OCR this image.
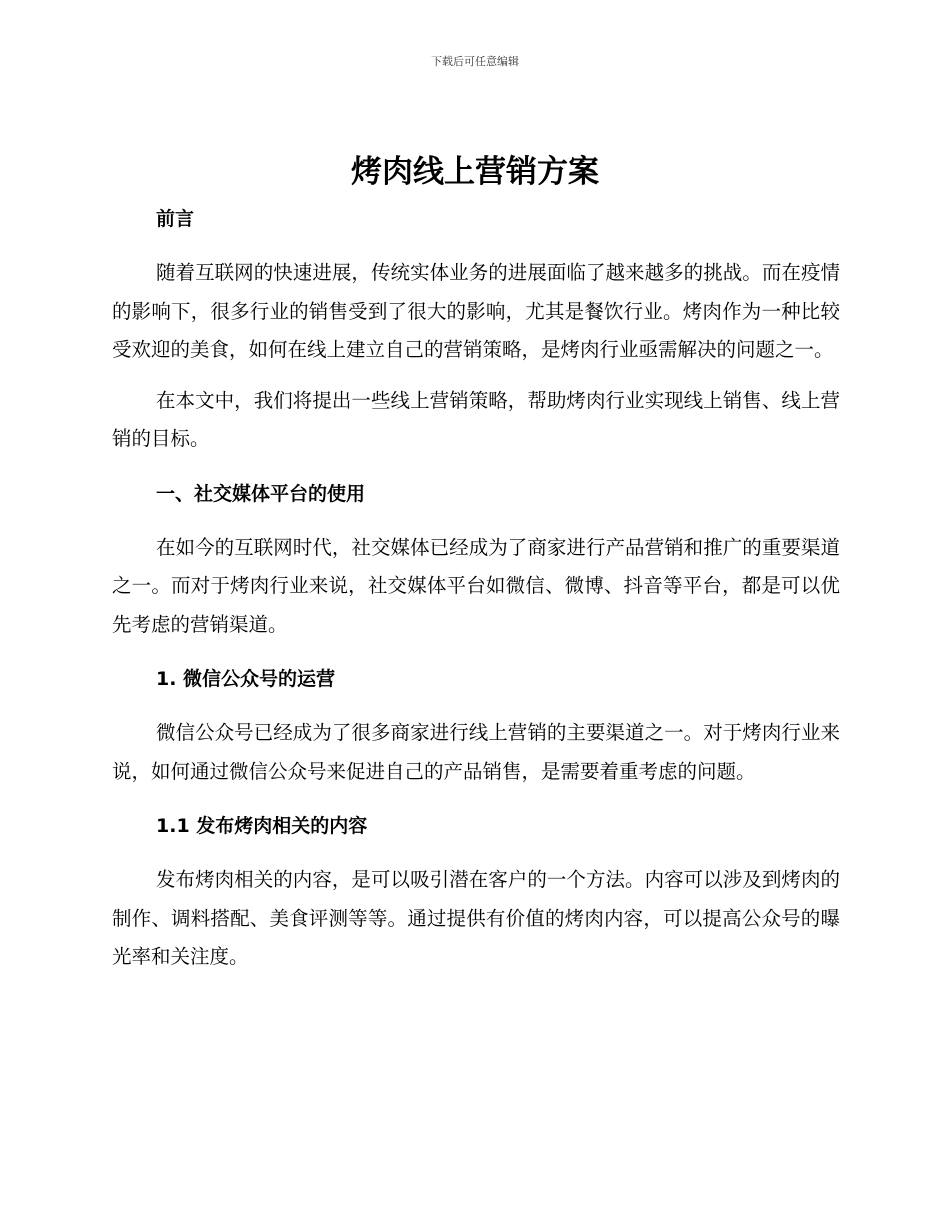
下载后可任意编辑
烤肉线上营销方案
前言

随着互联网的快速进展，传统实体业务的进展面临了越来越多的挑战。而在疫情的影响下，很多行业的销售受到了很大的影响，尤其是餐饮行业。烤肉作为一种比较受欢迎的美食，如何在线上建立自己的营销策略，是烤肉行业亟需解决的问题之一。

在本文中，我们将提出一些线上营销策略，帮助烤肉行业实现线上销售、线上营销的目标。

一、社交媒体平台的使用

在如今的互联网时代，社交媒体已经成为了商家进行产品营销和推广的重要渠道之一。而对于烤肉行业来说，社交媒体平台如微信、微博、抖音等平台，都是可以优先考虑的营销渠道。

1. 微信公众号的运营

微信公众号已经成为了很多商家进行线上营销的主要渠道之一。对于烤肉行业来说，如何通过微信公众号来促进自己的产品销售，是需要着重考虑的问题。

1.1 发布烤肉相关的内容

发布烤肉相关的内容，是可以吸引潜在客户的一个方法。内容可以涉及到烤肉的制作、调料搭配、美食评测等等。通过提供有价值的烤肉内容，可以提高公众号的曝光率和关注度。
